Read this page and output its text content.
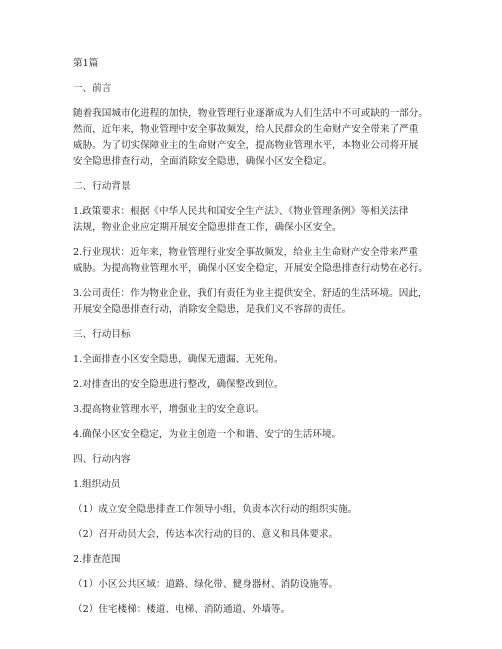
第1篇

一、前言

随着我国城市化进程的加快，物业管理行业逐渐成为人们生活中不可或缺的一部分。
然而，近年来，物业管理中安全事故频发，给人民群众的生命财产安全带来了严重
威胁。为了切实保障业主的生命财产安全，提高物业管理水平，本物业公司将开展
安全隐患排查行动，全面消除安全隐患，确保小区安全稳定。

二、行动背景

1.政策要求：根据《中华人民共和国安全生产法》、《物业管理条例》等相关法律
法规，物业企业应定期开展安全隐患排查工作，确保小区安全。

2.行业现状：近年来，物业管理行业安全事故频发，给业主生命财产安全带来严重
威胁。为提高物业管理水平，确保小区安全稳定，开展安全隐患排查行动势在必行。

3.公司责任：作为物业企业，我们有责任为业主提供安全、舒适的生活环境。因此，
开展安全隐患排查行动，消除安全隐患，是我们义不容辞的责任。

三、行动目标

1.全面排查小区安全隐患，确保无遗漏、无死角。

2.对排查出的安全隐患进行整改，确保整改到位。

3.提高物业管理水平，增强业主的安全意识。

4.确保小区安全稳定，为业主创造一个和谐、安宁的生活环境。

四、行动内容

1.组织动员

（1）成立安全隐患排查工作领导小组，负责本次行动的组织实施。

（2）召开动员大会，传达本次行动的目的、意义和具体要求。

2.排查范围

（1）小区公共区域：道路、绿化带、健身器材、消防设施等。

（2）住宅楼梯：楼道、电梯、消防通道、外墙等。
